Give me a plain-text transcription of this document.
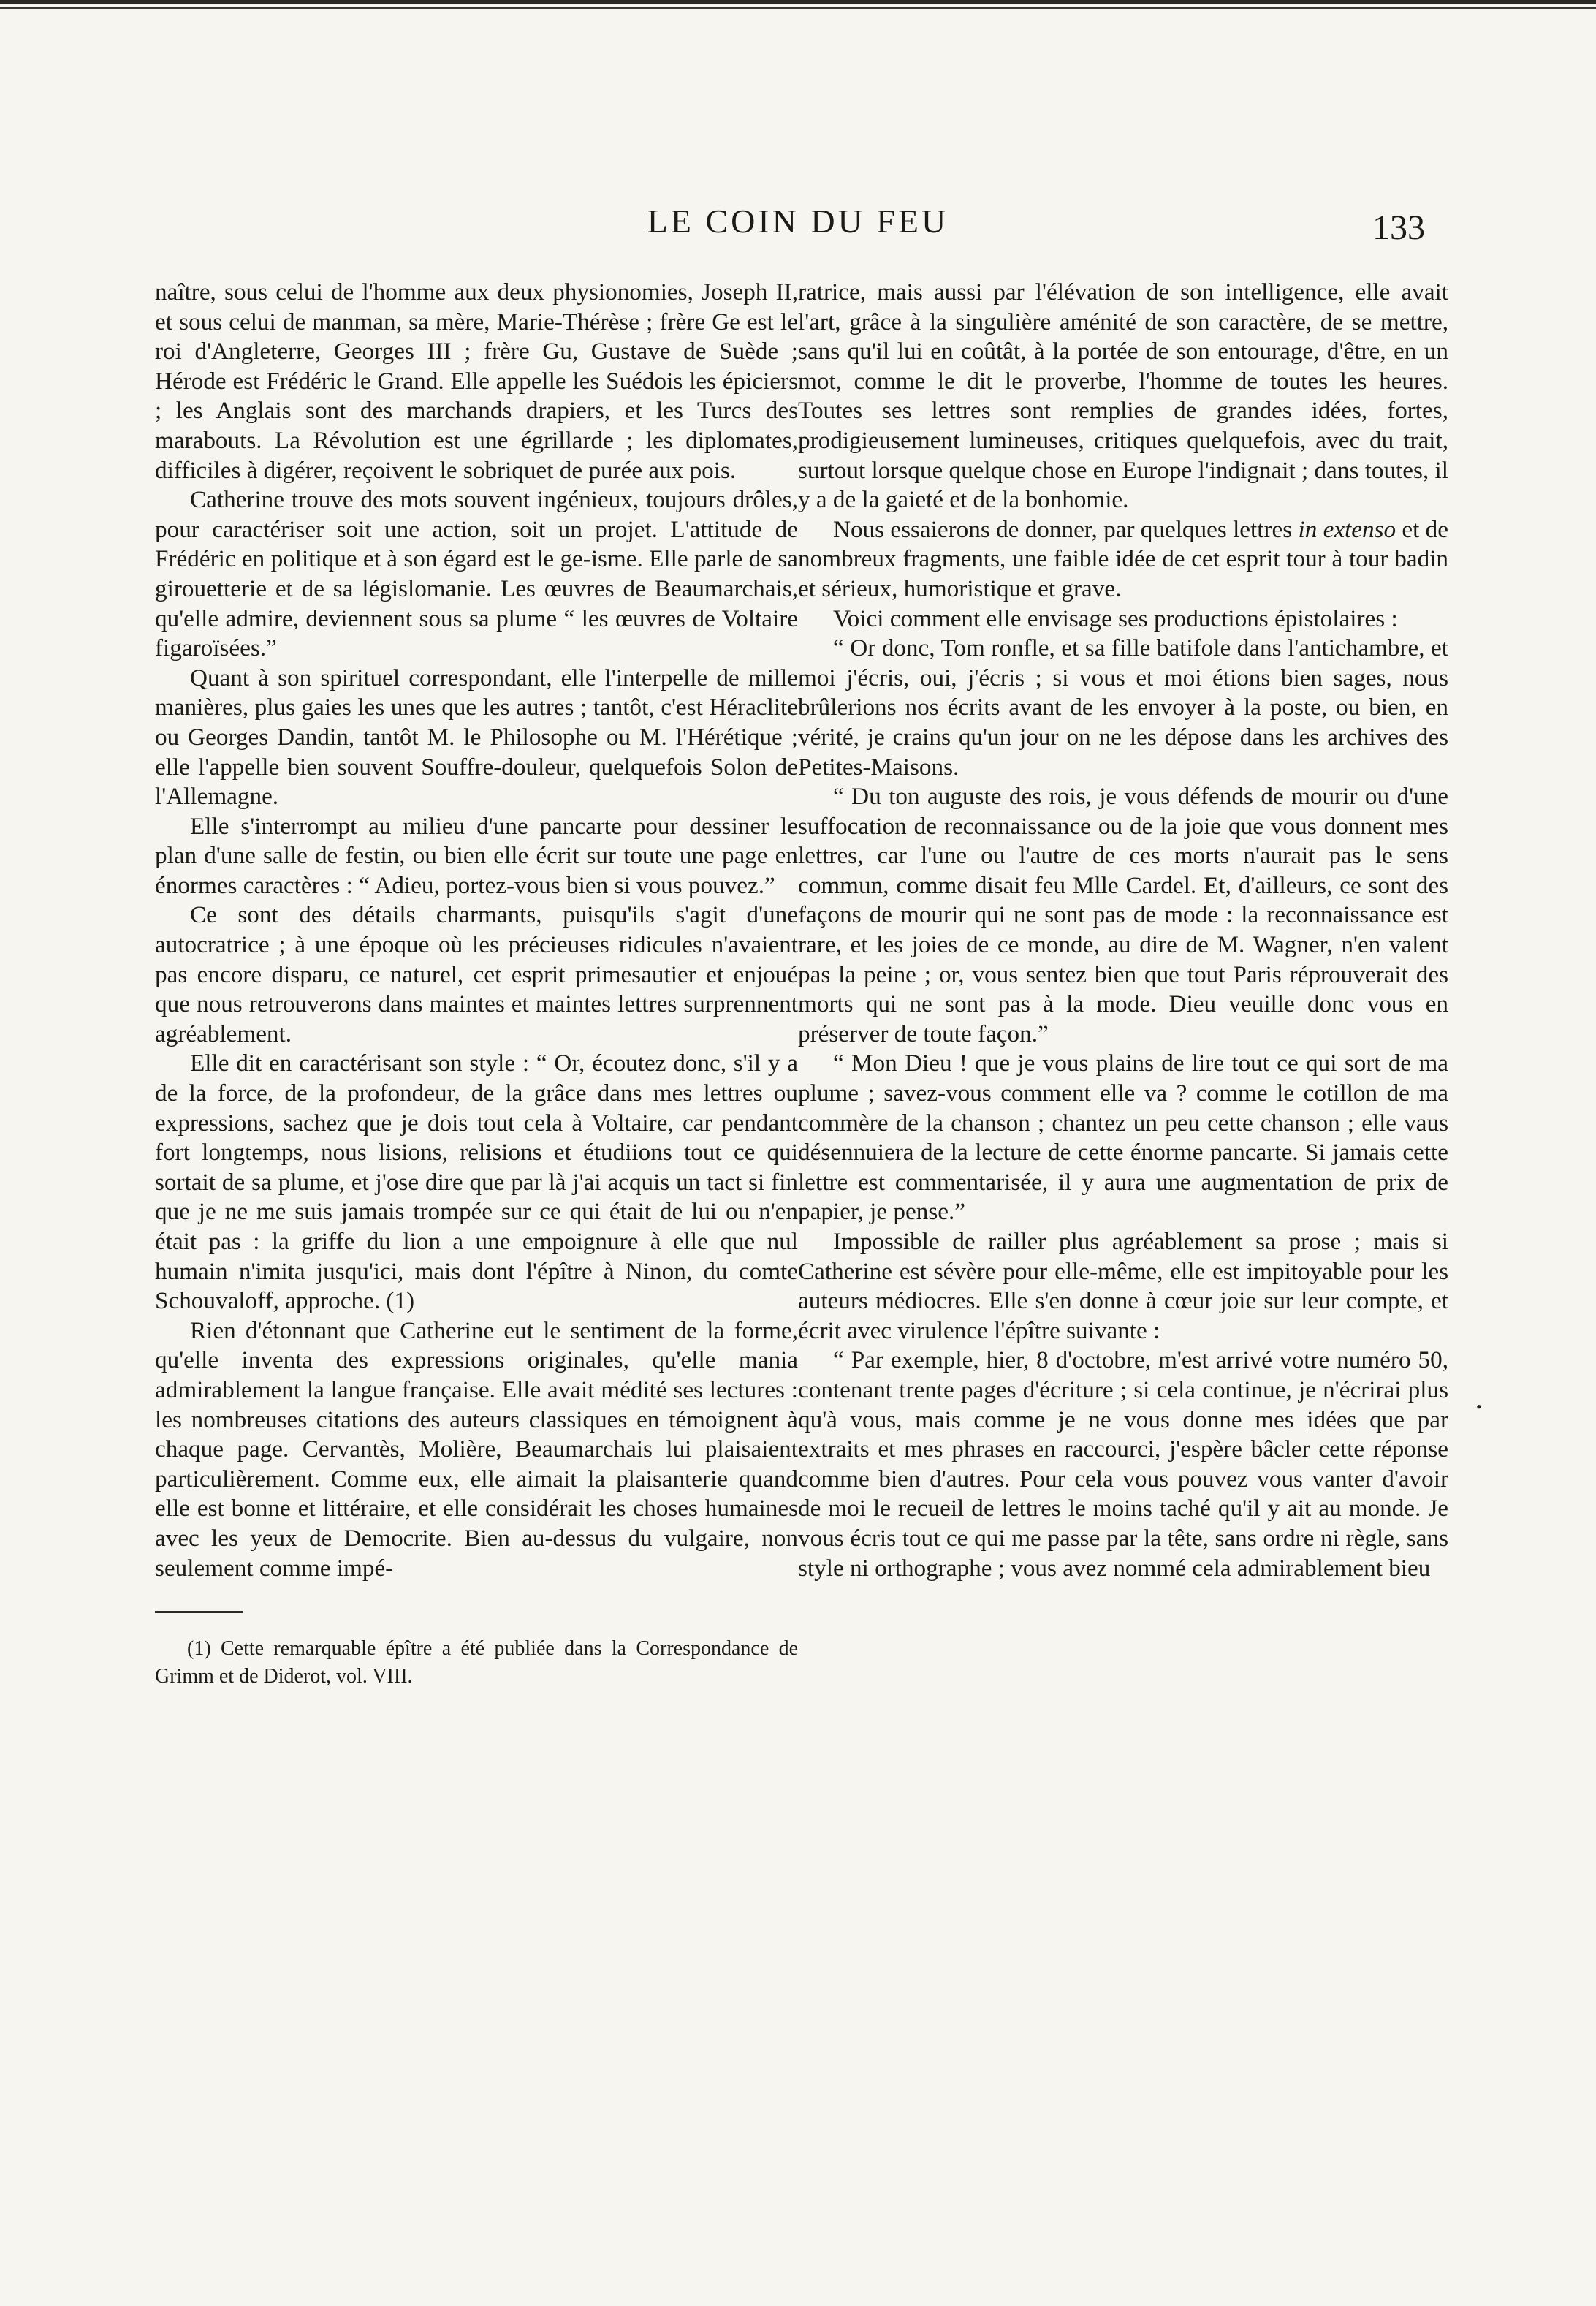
LE COIN DU FEU	133

naître, sous celui de l'homme aux deux physionomies, Joseph II, et sous celui de manman, sa mère, Marie-Thérèse ; frère Ge est le roi d'Angleterre, Georges III ; frère Gu, Gustave de Suède ; Hérode est Frédéric le Grand. Elle appelle les Suédois les épiciers ; les Anglais sont des marchands drapiers, et les Turcs des marabouts. La Révolution est une égrillarde ; les diplomates, difficiles à digérer, reçoivent le sobriquet de purée aux pois.

Catherine trouve des mots souvent ingénieux, toujours drôles, pour caractériser soit une action, soit un projet. L'attitude de Frédéric en politique et à son égard est le ge-isme. Elle parle de sa girouetterie et de sa législomanie. Les œuvres de Beaumarchais, qu'elle admire, deviennent sous sa plume “ les œuvres de Voltaire figaroïsées.”

Quant à son spirituel correspondant, elle l'interpelle de mille manières, plus gaies les unes que les autres ; tantôt, c'est Héraclite ou Georges Dandin, tantôt M. le Philosophe ou M. l'Hérétique ; elle l'appelle bien souvent Souffre-douleur, quelquefois Solon de l'Allemagne.

Elle s'interrompt au milieu d'une pancarte pour dessiner le plan d'une salle de festin, ou bien elle écrit sur toute une page en énormes caractères : “ Adieu, portez-vous bien si vous pouvez.”

Ce sont des détails charmants, puisqu'ils s'agit d'une autocratrice ; à une époque où les précieuses ridicules n'avaient pas encore disparu, ce naturel, cet esprit primesautier et enjoué que nous retrouverons dans maintes et maintes lettres surprennent agréablement.

Elle dit en caractérisant son style : “ Or, écoutez donc, s'il y a de la force, de la profondeur, de la grâce dans mes lettres ou expressions, sachez que je dois tout cela à Voltaire, car pendant fort longtemps, nous lisions, relisions et étudiions tout ce qui sortait de sa plume, et j'ose dire que par là j'ai acquis un tact si fin que je ne me suis jamais trompée sur ce qui était de lui ou n'en était pas : la griffe du lion a une empoignure à elle que nul humain n'imita jusqu'ici, mais dont l'épître à Ninon, du comte Schouvaloff, approche. (1)

Rien d'étonnant que Catherine eut le sentiment de la forme, qu'elle inventa des expressions originales, qu'elle mania admirablement la langue française. Elle avait médité ses lectures : les nombreuses citations des auteurs classiques en témoignent à chaque page. Cervantès, Molière, Beaumarchais lui plaisaient particulièrement. Comme eux, elle aimait la plaisanterie quand elle est bonne et littéraire, et elle considérait les choses humaines avec les yeux de Democrite. Bien au-dessus du vulgaire, non seulement comme impé-

(1) Cette remarquable épître a été publiée dans la Correspondance de Grimm et de Diderot, vol. VIII.

ratrice, mais aussi par l'élévation de son intelligence, elle avait l'art, grâce à la singulière aménité de son caractère, de se mettre, sans qu'il lui en coûtât, à la portée de son entourage, d'être, en un mot, comme le dit le proverbe, l'homme de toutes les heures. Toutes ses lettres sont remplies de grandes idées, fortes, prodigieusement lumineuses, critiques quelquefois, avec du trait, surtout lorsque quelque chose en Europe l'indignait ; dans toutes, il y a de la gaieté et de la bonhomie.

Nous essaierons de donner, par quelques lettres in extenso et de nombreux fragments, une faible idée de cet esprit tour à tour badin et sérieux, humoristique et grave.

Voici comment elle envisage ses productions épistolaires :

“ Or donc, Tom ronfle, et sa fille batifole dans l'antichambre, et moi j'écris, oui, j'écris ; si vous et moi étions bien sages, nous brûlerions nos écrits avant de les envoyer à la poste, ou bien, en vérité, je crains qu'un jour on ne les dépose dans les archives des Petites-Maisons.

“ Du ton auguste des rois, je vous défends de mourir ou d'une suffocation de reconnaissance ou de la joie que vous donnent mes lettres, car l'une ou l'autre de ces morts n'aurait pas le sens commun, comme disait feu Mlle Cardel. Et, d'ailleurs, ce sont des façons de mourir qui ne sont pas de mode : la reconnaissance est rare, et les joies de ce monde, au dire de M. Wagner, n'en valent pas la peine ; or, vous sentez bien que tout Paris réprouverait des morts qui ne sont pas à la mode. Dieu veuille donc vous en préserver de toute façon.”

“ Mon Dieu ! que je vous plains de lire tout ce qui sort de ma plume ; savez-vous comment elle va ? comme le cotillon de ma commère de la chanson ; chantez un peu cette chanson ; elle vaus désennuiera de la lecture de cette énorme pancarte. Si jamais cette lettre est commentarisée, il y aura une augmentation de prix de papier, je pense.”

Impossible de railler plus agréablement sa prose ; mais si Catherine est sévère pour elle-même, elle est impitoyable pour les auteurs médiocres. Elle s'en donne à cœur joie sur leur compte, et écrit avec virulence l'épître suivante :

“ Par exemple, hier, 8 d'octobre, m'est arrivé votre numéro 50, contenant trente pages d'écriture ; si cela continue, je n'écrirai plus qu'à vous, mais comme je ne vous donne mes idées que par extraits et mes phrases en raccourci, j'espère bâcler cette réponse comme bien d'autres. Pour cela vous pouvez vous vanter d'avoir de moi le recueil de lettres le moins taché qu'il y ait au monde. Je vous écris tout ce qui me passe par la tête, sans ordre ni règle, sans style ni orthographe ; vous avez nommé cela admirablement bieu

•
